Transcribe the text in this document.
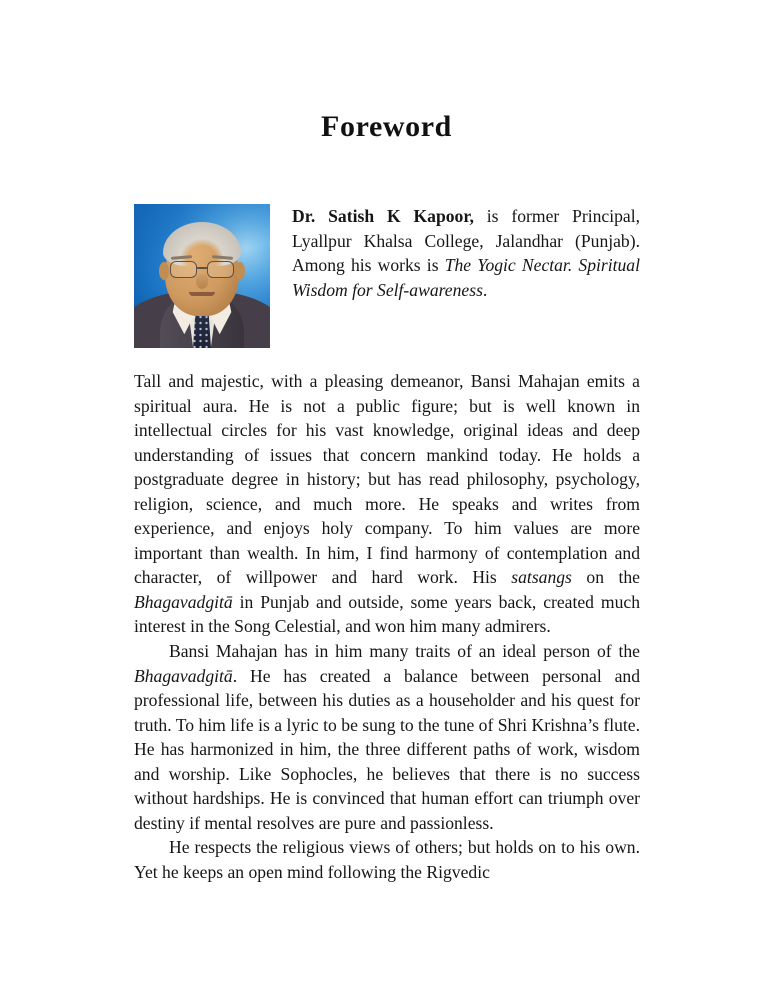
Foreword
Dr. Satish K Kapoor, is former Principal, Lyallpur Khalsa College, Jalandhar (Punjab). Among his works is The Yogic Nectar. Spiritual Wisdom for Self-awareness.

Tall and majestic, with a pleasing demeanor, Bansi Mahajan emits a spiritual aura. He is not a public figure; but is well known in intellectual circles for his vast knowledge, original ideas and deep understanding of issues that concern mankind today. He holds a postgraduate degree in history; but has read philosophy, psychology, religion, science, and much more. He speaks and writes from experience, and enjoys holy company. To him values are more important than wealth. In him, I find harmony of contemplation and character, of willpower and hard work. His satsangs on the Bhagavadgitā in Punjab and outside, some years back, created much interest in the Song Celestial, and won him many admirers.

Bansi Mahajan has in him many traits of an ideal person of the Bhagavadgitā. He has created a balance between personal and professional life, between his duties as a householder and his quest for truth. To him life is a lyric to be sung to the tune of Shri Krishna’s flute. He has harmonized in him, the three different paths of work, wisdom and worship. Like Sophocles, he believes that there is no success without hardships. He is convinced that human effort can triumph over destiny if mental resolves are pure and passionless.

He respects the religious views of others; but holds on to his own. Yet he keeps an open mind following the Rigvedic
